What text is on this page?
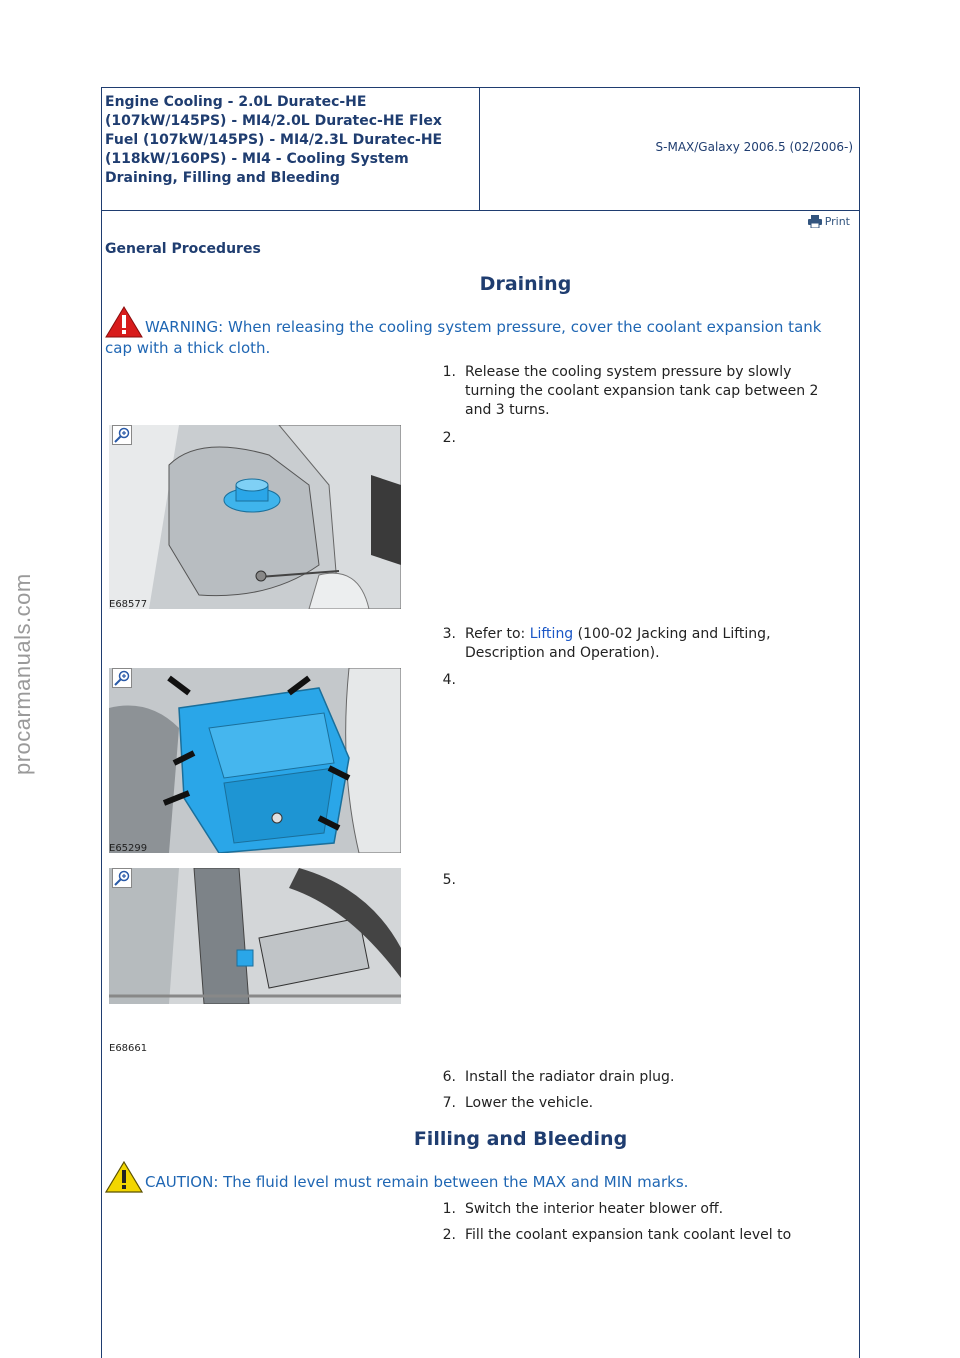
procarmanuals.com
Engine Cooling - 2.0L Duratec-HE (107kW/145PS) - MI4/2.0L Duratec-HE Flex Fuel (107kW/145PS) - MI4/2.3L Duratec-HE (118kW/160PS) - MI4 - Cooling System Draining, Filling and Bleeding
S-MAX/Galaxy 2006.5 (02/2006-)
Print
General Procedures
Draining
WARNING: When releasing the cooling system pressure, cover the coolant expansion tank cap with a thick cloth.
1. Release the cooling system pressure by slowly turning the coolant expansion tank cap between 2 and 3 turns.
E68577
2.
3. Refer to: Lifting (100-02 Jacking and Lifting, Description and Operation).
E65299
4.
E68661
5.
6. Install the radiator drain plug.
7. Lower the vehicle.
Filling and Bleeding
CAUTION: The fluid level must remain between the MAX and MIN marks.
1. Switch the interior heater blower off.
2. Fill the coolant expansion tank coolant level to
